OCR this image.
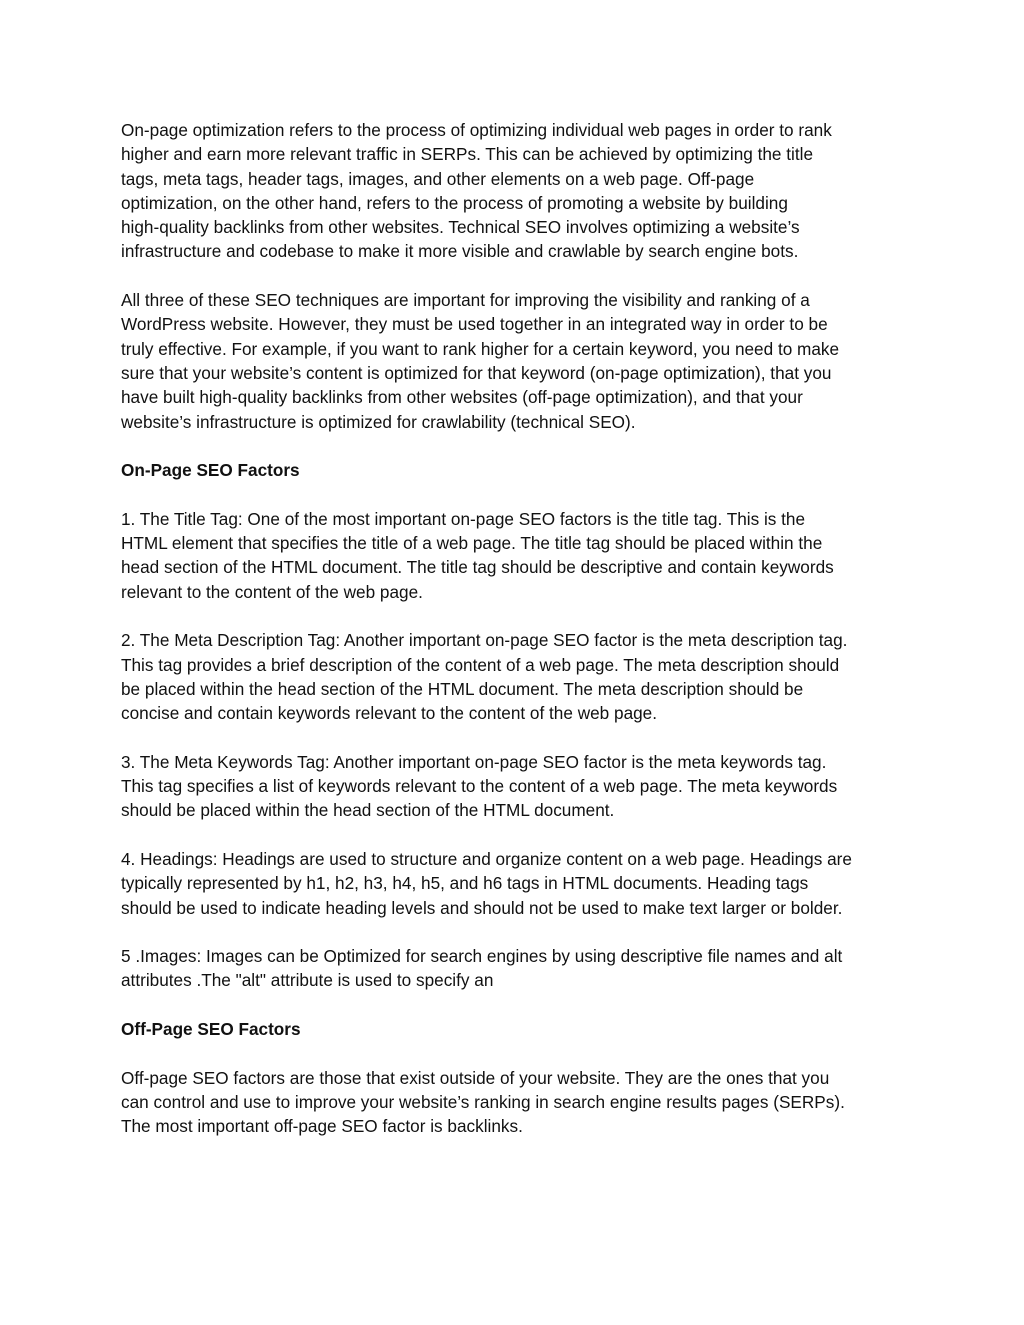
On-page optimization refers to the process of optimizing individual web pages in order to rank
higher and earn more relevant traffic in SERPs. This can be achieved by optimizing the title
tags, meta tags, header tags, images, and other elements on a web page. Off-page
optimization, on the other hand, refers to the process of promoting a website by building
high-quality backlinks from other websites. Technical SEO involves optimizing a website’s
infrastructure and codebase to make it more visible and crawlable by search engine bots.

All three of these SEO techniques are important for improving the visibility and ranking of a
WordPress website. However, they must be used together in an integrated way in order to be
truly effective. For example, if you want to rank higher for a certain keyword, you need to make
sure that your website’s content is optimized for that keyword (on-page optimization), that you
have built high-quality backlinks from other websites (off-page optimization), and that your
website’s infrastructure is optimized for crawlability (technical SEO).

On-Page SEO Factors

1. The Title Tag: One of the most important on-page SEO factors is the title tag. This is the
HTML element that specifies the title of a web page. The title tag should be placed within the
head section of the HTML document. The title tag should be descriptive and contain keywords
relevant to the content of the web page.

2. The Meta Description Tag: Another important on-page SEO factor is the meta description tag.
This tag provides a brief description of the content of a web page. The meta description should
be placed within the head section of the HTML document. The meta description should be
concise and contain keywords relevant to the content of the web page.

3. The Meta Keywords Tag: Another important on-page SEO factor is the meta keywords tag.
This tag specifies a list of keywords relevant to the content of a web page. The meta keywords
should be placed within the head section of the HTML document.

4. Headings: Headings are used to structure and organize content on a web page. Headings are
typically represented by h1, h2, h3, h4, h5, and h6 tags in HTML documents. Heading tags
should be used to indicate heading levels and should not be used to make text larger or bolder.

5 .Images: Images can be Optimized for search engines by using descriptive file names and alt
attributes .The "alt" attribute is used to specify an

Off-Page SEO Factors

Off-page SEO factors are those that exist outside of your website. They are the ones that you
can control and use to improve your website’s ranking in search engine results pages (SERPs).
The most important off-page SEO factor is backlinks.
